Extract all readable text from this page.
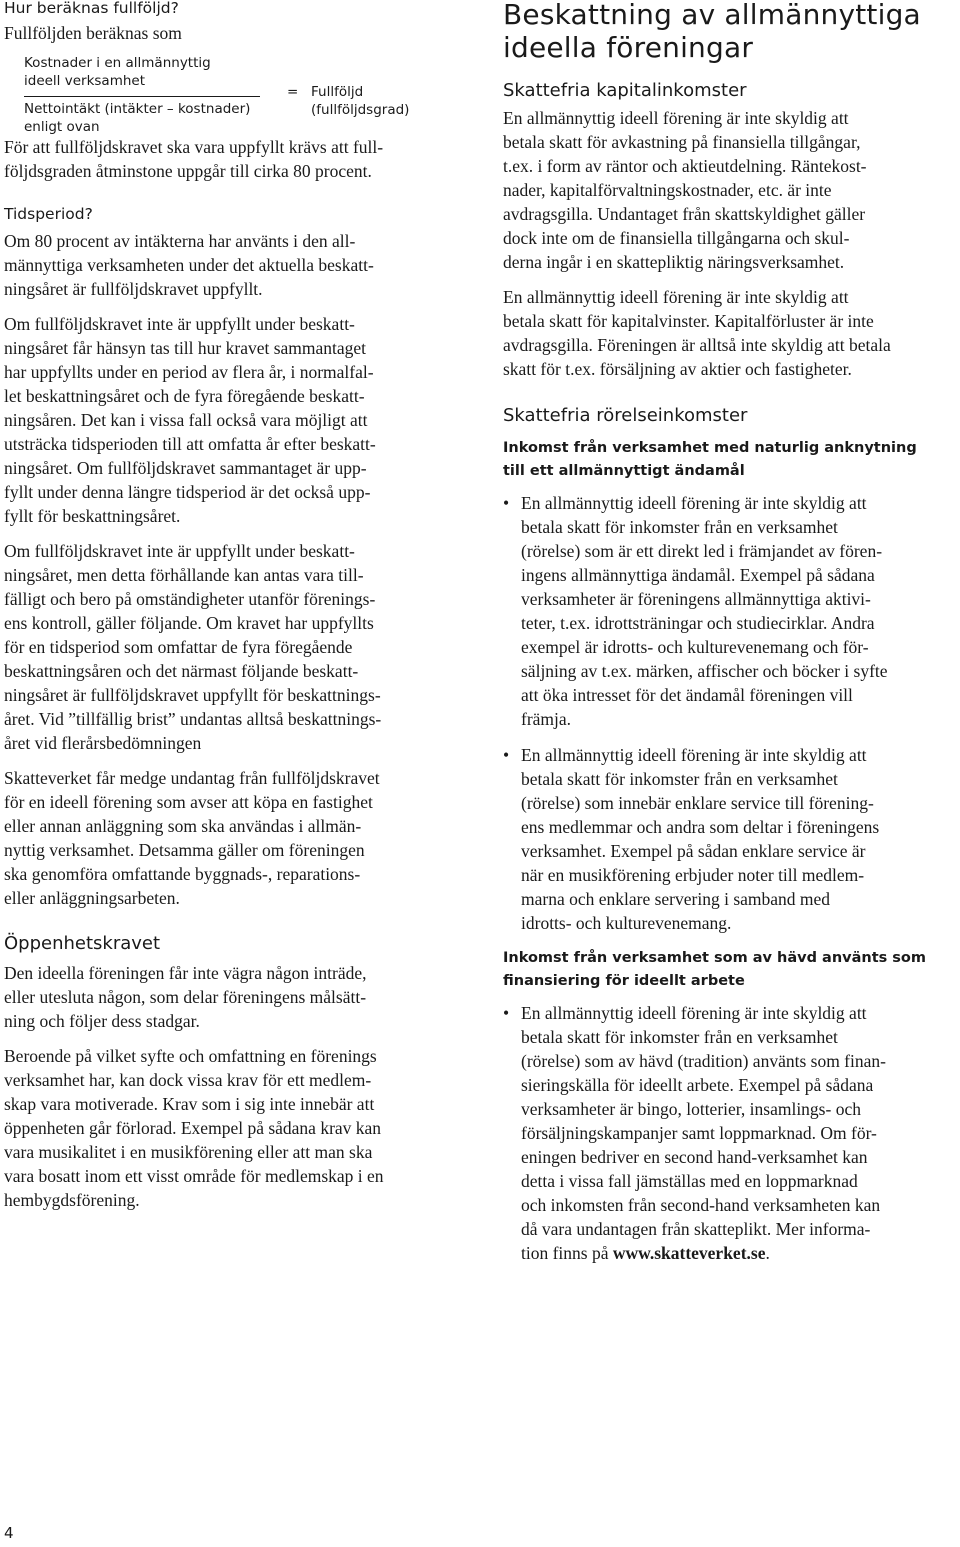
Hur beräknas fullföljd?

Fullföljden beräknas som

Kostnader i en allmännyttig
ideell verksamhet
Nettointäkt (intäkter – kostnader)
enligt ovan
= Fullföljd
(fullföljdsgrad)

För att fullföljdskravet ska vara uppfyllt krävs att full-
följdsgraden åtminstone uppgår till cirka 80 procent.

Tidsperiod?

Om 80 procent av intäkterna har använts i den all-
männyttiga verksamheten under det aktuella beskatt-
ningsåret är fullföljdskravet uppfyllt.

Om fullföljdskravet inte är uppfyllt under beskatt-
ningsåret får hänsyn tas till hur kravet sammantaget
har uppfyllts under en period av flera år, i normalfal-
let beskattningsåret och de fyra föregående beskatt-
ningsåren. Det kan i vissa fall också vara möjligt att
utsträcka tidsperioden till att omfatta år efter beskatt-
ningsåret. Om fullföljdskravet sammantaget är upp-
fyllt under denna längre tidsperiod är det också upp-
fyllt för beskattningsåret.

Om fullföljdskravet inte är uppfyllt under beskatt-
ningsåret, men detta förhållande kan antas vara till-
fälligt och bero på omständigheter utanför förenings-
ens kontroll, gäller följande. Om kravet har uppfyllts
för en tidsperiod som omfattar de fyra föregående
beskattningsåren och det närmast följande beskatt-
ningsåret är fullföljdskravet uppfyllt för beskattnings-
året. Vid ”tillfällig brist” undantas alltså beskattnings-
året vid flerårsbedömningen

Skatteverket får medge undantag från fullföljdskravet
för en ideell förening som avser att köpa en fastighet
eller annan anläggning som ska användas i allmän-
nyttig verksamhet. Detsamma gäller om föreningen
ska genomföra omfattande byggnads-, reparations-
eller anläggningsarbeten.

Öppenhetskravet

Den ideella föreningen får inte vägra någon inträde,
eller utesluta någon, som delar föreningens målsätt-
ning och följer dess stadgar.

Beroende på vilket syfte och omfattning en förenings
verksamhet har, kan dock vissa krav för ett medlem-
skap vara motiverade. Krav som i sig inte innebär att
öppenheten går förlorad. Exempel på sådana krav kan
vara musikalitet i en musikförening eller att man ska
vara bosatt inom ett visst område för medlemskap i en
hembygdsförening.

Beskattning av allmännyttiga
ideella föreningar
Skattefria kapitalinkomster

En allmännyttig ideell förening är inte skyldig att
betala skatt för avkastning på finansiella tillgångar,
t.ex. i form av räntor och aktieutdelning. Räntekost-
nader, kapitalförvaltningskostnader, etc. är inte
avdragsgilla. Undantaget från skattskyldighet gäller
dock inte om de finansiella tillgångarna och skul-
derna ingår i en skattepliktig näringsverksamhet.

En allmännyttig ideell förening är inte skyldig att
betala skatt för kapitalvinster. Kapitalförluster är inte
avdragsgilla. Föreningen är alltså inte skyldig att betala
skatt för t.ex. försäljning av aktier och fastigheter.

Skattefria rörelseinkomster
Inkomst från verksamhet med naturlig anknytning
till ett allmännyttigt ändamål
• En allmännyttig ideell förening är inte skyldig att
betala skatt för inkomster från en verksamhet
(rörelse) som är ett direkt led i främjandet av fören-
ingens allmännyttiga ändamål. Exempel på sådana
verksamheter är föreningens allmännyttiga aktivi-
teter, t.ex. idrottsträningar och studiecirklar. Andra
exempel är idrotts- och kulturevenemang och för-
säljning av t.ex. märken, affischer och böcker i syfte
att öka intresset för det ändamål föreningen vill
främja.

• En allmännyttig ideell förening är inte skyldig att
betala skatt för inkomster från en verksamhet
(rörelse) som innebär enklare service till förening-
ens medlemmar och andra som deltar i föreningens
verksamhet. Exempel på sådan enklare service är
när en musikförening erbjuder noter till medlem-
marna och enklare servering i samband med
idrotts- och kulturevenemang.

Inkomst från verksamhet som av hävd använts som
finansiering för ideellt arbete
• En allmännyttig ideell förening är inte skyldig att
betala skatt för inkomster från en verksamhet
(rörelse) som av hävd (tradition) använts som finan-
sieringskälla för ideellt arbete. Exempel på sådana
verksamheter är bingo, lotterier, insamlings- och
försäljningskampanjer samt loppmarknad. Om för-
eningen bedriver en second hand-verksamhet kan
detta i vissa fall jämställas med en loppmarknad
och inkomsten från second-hand verksamheten kan
då vara undantagen från skatteplikt. Mer informa-
tion finns på www.skatteverket.se.

4
